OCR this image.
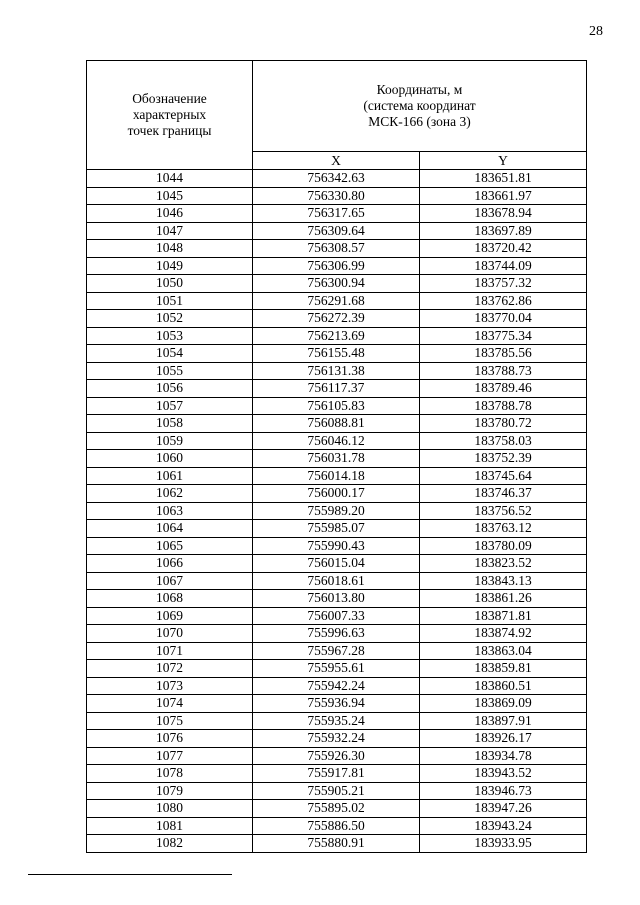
28
Обозначение
характерных
точек границы	Координаты, м
(система координат
МСК-166 (зона 3)	
	X	Y
1044	756342.63	183651.81
1045	756330.80	183661.97
1046	756317.65	183678.94
1047	756309.64	183697.89
1048	756308.57	183720.42
1049	756306.99	183744.09
1050	756300.94	183757.32
1051	756291.68	183762.86
1052	756272.39	183770.04
1053	756213.69	183775.34
1054	756155.48	183785.56
1055	756131.38	183788.73
1056	756117.37	183789.46
1057	756105.83	183788.78
1058	756088.81	183780.72
1059	756046.12	183758.03
1060	756031.78	183752.39
1061	756014.18	183745.64
1062	756000.17	183746.37
1063	755989.20	183756.52
1064	755985.07	183763.12
1065	755990.43	183780.09
1066	756015.04	183823.52
1067	756018.61	183843.13
1068	756013.80	183861.26
1069	756007.33	183871.81
1070	755996.63	183874.92
1071	755967.28	183863.04
1072	755955.61	183859.81
1073	755942.24	183860.51
1074	755936.94	183869.09
1075	755935.24	183897.91
1076	755932.24	183926.17
1077	755926.30	183934.78
1078	755917.81	183943.52
1079	755905.21	183946.73
1080	755895.02	183947.26
1081	755886.50	183943.24
1082	755880.91	183933.95
